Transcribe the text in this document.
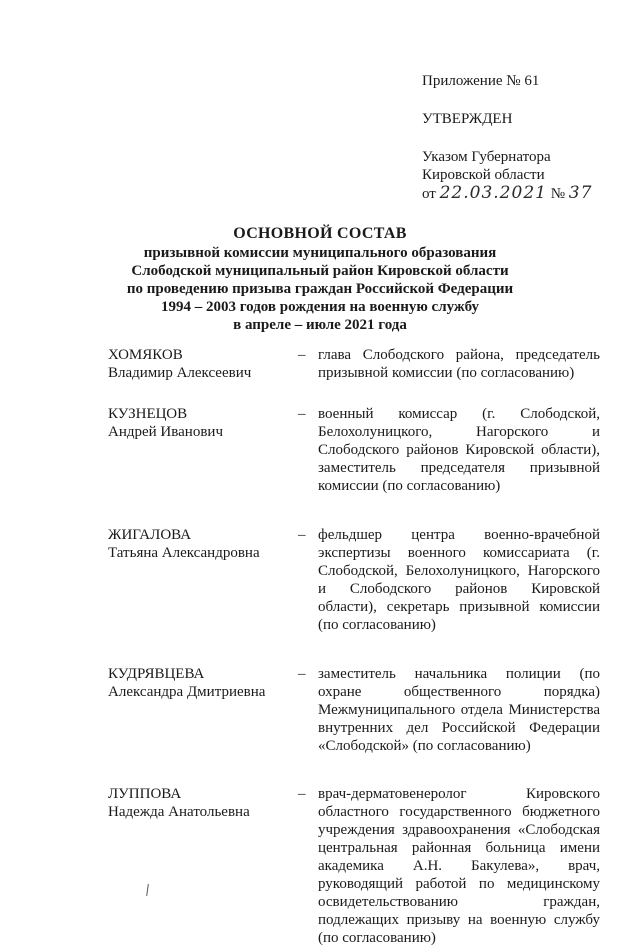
Приложение № 61
УТВЕРЖДЕН
Указом Губернатора
Кировской области
от 22.03.2021 № 37
ОСНОВНОЙ СОСТАВ
призывной комиссии муниципального образования
Слободской муниципальный район Кировской области
по проведению призыва граждан Российской Федерации
1994 – 2003 годов рождения на военную службу
в апреле – июле 2021 года
ХОМЯКОВ
Владимир Алексеевич
– глава Слободского района, председатель призывной комиссии (по согласованию)
КУЗНЕЦОВ
Андрей Иванович
– военный комиссар (г. Слободской, Белохолуницкого, Нагорского и Слободского районов Кировской области), заместитель председателя призывной комиссии (по согласованию)
ЖИГАЛОВА
Татьяна Александровна
– фельдшер центра военно-врачебной экспертизы военного комиссариата (г. Слободской, Белохолуницкого, Нагорского и Слободского районов Кировской области), секретарь призывной комиссии (по согласованию)
КУДРЯВЦЕВА
Александра Дмитриевна
– заместитель начальника полиции (по охране общественного порядка) Межмуниципального отдела Министерства внутренних дел Российской Федерации «Слободской» (по согласованию)
ЛУППОВА
Надежда Анатольевна
– врач-дерматовенеролог Кировского областного государственного бюджетного учреждения здравоохранения «Слободская центральная районная больница имени академика А.Н. Бакулева», врач, руководящий работой по медицинскому освидетельствованию граждан, подлежащих призыву на военную службу (по согласованию)
